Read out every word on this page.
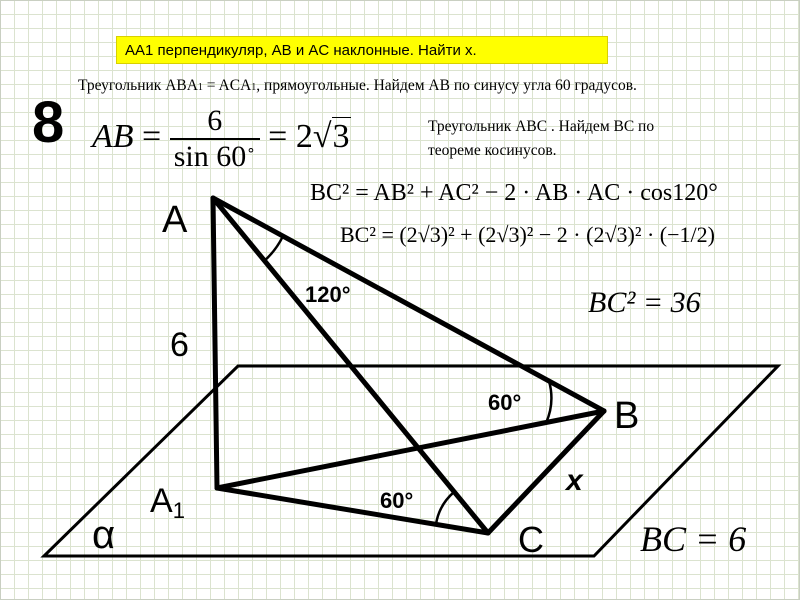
AA1 перпендикуляр, AB и AC наклонные. Найти x.
Треугольник ABA1 = ACA1, прямоугольные. Найдем AB по синусу угла 60 градусов.
8 AB = $\frac{6}{\sin 60^\circ} = 2√3$	Треугольник ABC . Найдем BC по
теореме косинусов.
BC² = AB² + AC² − 2 · AB · AC · cos120°
BC² = (2√3)² + (2√3)² − 2 · (2√3)² · (−1/2)
BC² = 36
BC = 6
A
6
A1
B
C
x
α
120°
60°
60°
